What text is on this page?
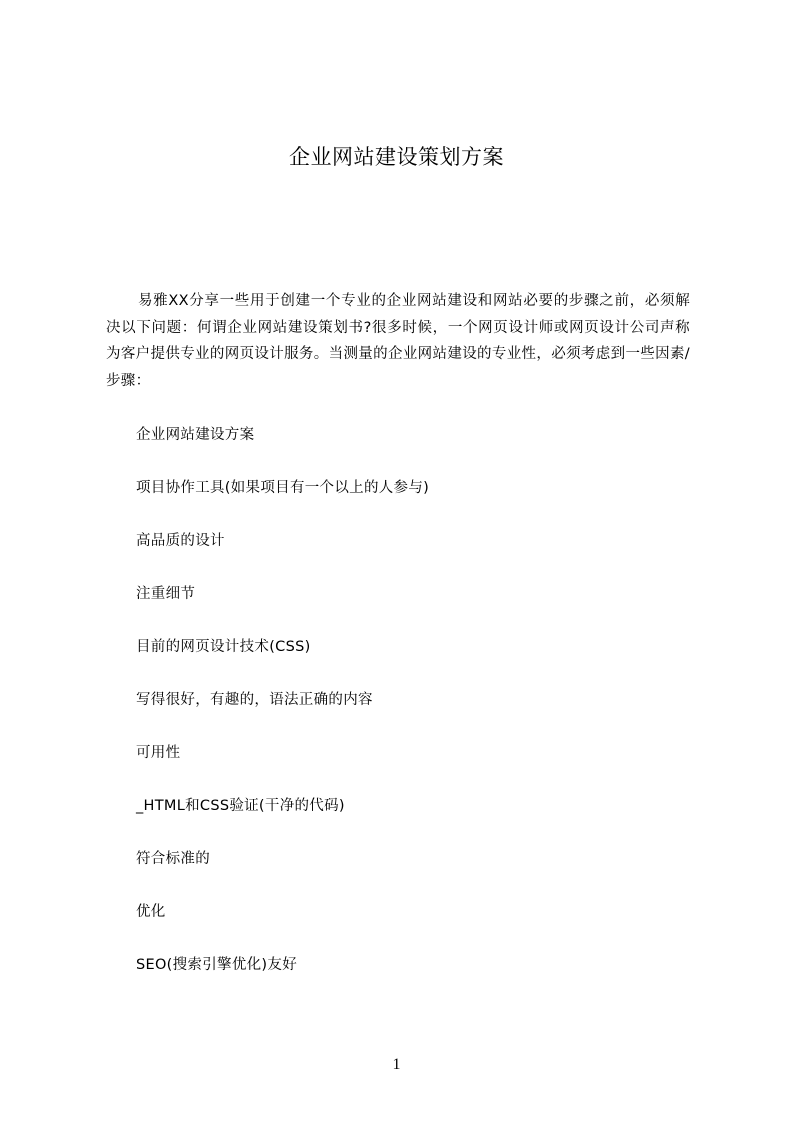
企业网站建设策划方案
易雅XX分享一些用于创建一个专业的企业网站建设和网站必要的步骤之前，必须解决以下问题：何谓企业网站建设策划书?很多时候，一个网页设计师或网页设计公司声称为客户提供专业的网页设计服务。当测量的企业网站建设的专业性，必须考虑到一些因素/步骤：
企业网站建设方案
项目协作工具(如果项目有一个以上的人参与)
高品质的设计
注重细节
目前的网页设计技术(CSS)
写得很好，有趣的，语法正确的内容
可用性
_HTML和CSS验证(干净的代码)
符合标准的
优化
SEO(搜索引擎优化)友好
1
